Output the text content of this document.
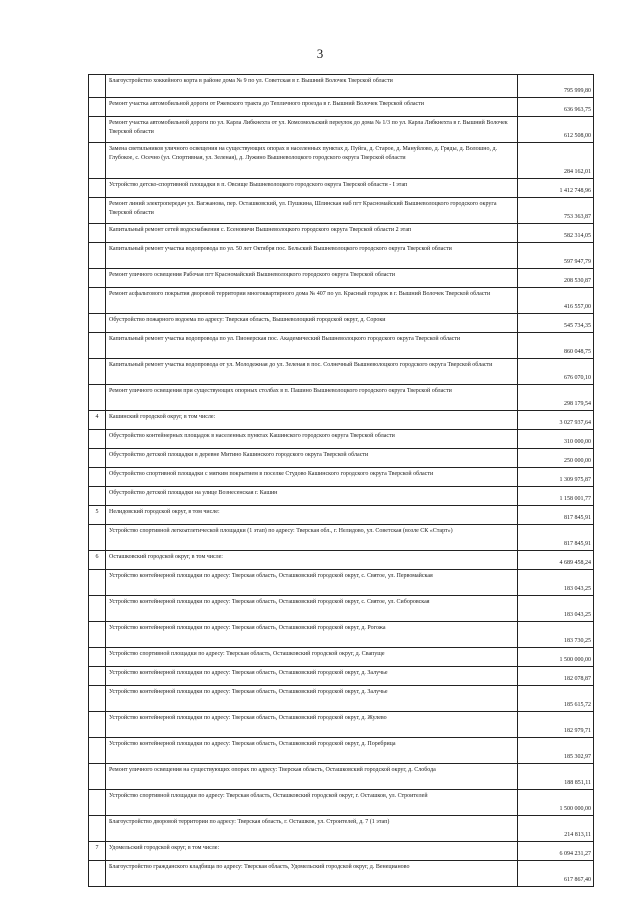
3
	Благоустройство хоккейного корта в районе дома № 9 по ул. Советская в г. Вышний Волочек Тверской области	795 999,80
	Ремонт участка автомобильной дороги от Ржевского тракта до Тепличного проезда в г. Вышний Волочек Тверской области	636 963,75
	Ремонт участка автомобильной дороги по ул. Карла Либкнехта от ул. Комсомольский переулок до дома № 1/3 по ул. Карла Либкнехта в г. Вышний Волочек Тверской области	612 508,00
	Замена светильников уличного освещения на существующих опорах в населенных пунктах д. Пуйга, д. Старое, д. Мануйлово, д. Гряды, д. Волошно, д. Глубокое, с. Осечно (ул. Спортивная, ул. Зеленая), д. Лужино Вышневолоцкого городского округа Тверской области	284 162,01
	Устройство детско-спортивной площадки в п. Овсище Вышневолоцкого городского округа Тверской области - I этап	1 412 748,96
	Ремонт линий электропередач ул. Вагжанова, пер. Осташковский, ул. Пушкина, Шлинская наб пгт Красномайский Вышневолоцкого городского округа Тверской области	753 363,87
	Капитальный ремонт сетей водоснабжения с. Есеновичи Вышневолоцкого городского округа Тверской области 2 этап	582 314,05
	Капитальный ремонт участка водопровода по ул. 50 лет Октября пос. Бельский Вышневолоцкого городского округа Тверской области	597 947,79
	Ремонт уличного освещения Рабочая пгт Красномайский Вышневолоцкого городского округа Тверской области	208 530,87
	Ремонт асфальтового покрытия дворовой территории многоквартирного дома № 407 по ул. Красный городок в г. Вышний Волочек Тверской области	416 557,00
	Обустройство пожарного водоема по адресу: Тверская область, Вышневолоцкий городской округ, д. Сороки	545 734,35
	Капитальный ремонт участка водопровода по ул. Пионерская пос. Академический Вышневолоцкого городского округа Тверской области	860 048,75
	Капитальный ремонт участка водопровода от ул. Молодежная до ул. Зеленая в пос. Солнечный Вышневолоцкого городского округа Тверской области	676 070,10
	Ремонт уличного освещения при существующих опорных столбах в п. Пашино Вышневолоцкого городского округа Тверской области	298 179,54
4	Кашинский городской округ, в том числе:	3 027 937,64
	Обустройство контейнерных площадок в населенных пунктах Кашинского городского округа Тверской области	310 000,00
	Обустройство детской площадки в деревне Митино Кашинского городского округа Тверской области	250 000,00
	Обустройство спортивной площадки с мягким покрытием в поселке Студово Кашинского городского округа Тверской области	1 309 975,87
	Обустройство детской площадки на улице Вознесенская г. Кашин	1 158 001,77
5	Нелидовский городской округ, в том числе:	817 845,91
	Устройство спортивной легкоатлетической площадки (1 этап) по адресу: Тверская обл., г. Нелидово, ул. Советская (возле СК «Старт»)	817 845,91
6	Осташковский городской округ, в том числе:	4 689 458,24
	Устройство контейнерной площадки по адресу: Тверская область, Осташковский городской округ, с. Святое, ул. Первомайская	183 043,25
	Устройство контейнерной площадки по адресу: Тверская область, Осташковский городской округ, с. Святое, ул. Сиборовская	183 043,25
	Устройство контейнерной площадки по адресу: Тверская область, Осташковский городской округ, д. Рогожа	183 730,25
	Устройство спортивной площадки по адресу: Тверская область, Осташковский городской округ, д. Свапуще	1 500 000,00
	Устройство контейнерной площадки по адресу: Тверская область, Осташковский городской округ, д. Залучье	182 078,87
	Устройство контейнерной площадки по адресу: Тверская область, Осташковский городской округ, д. Залучье	185 615,72
	Устройство контейнерной площадки по адресу: Тверская область, Осташковский городской округ, д. Жулево	182 979,71
	Устройство контейнерной площадки по адресу: Тверская область, Осташковский городской округ, д. Поребрица	185 302,97
	Ремонт уличного освещения на существующих опорах по адресу: Тверская область, Осташковский городской округ, д. Слобода	188 851,11
	Устройство спортивной площадки по адресу: Тверская область, Осташковский городской округ, г. Осташков, ул. Строителей	1 500 000,00
	Благоустройство дворовой территории по адресу: Тверская область, г. Осташков, ул. Строителей, д. 7 (1 этап)	214 813,11
7	Удомельский городской округ, в том числе:	6 094 231,27
	Благоустройство гражданского кладбища по адресу: Тверская область, Удомельский городской округ, д. Венецианово	617 867,40
